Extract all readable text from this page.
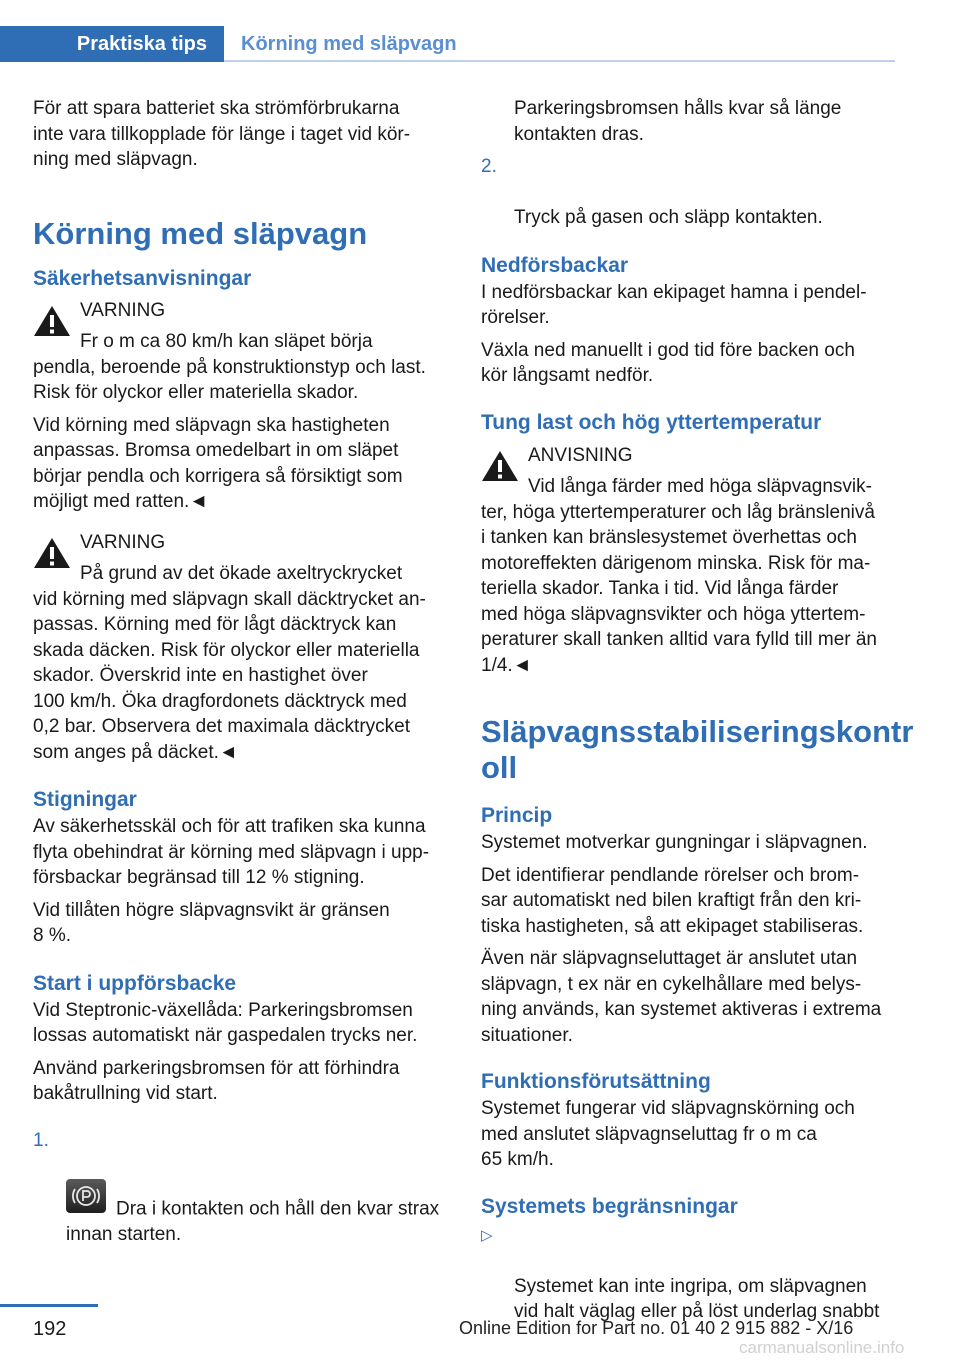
Praktiska tips	Körning med släpvagn

För att spara batteriet ska strömförbrukarna
inte vara tillkopplade för länge i taget vid kör‐
ning med släpvagn.

Körning med släpvagn
Säkerhetsanvisningar
VARNING
Fr o m ca 80 km/h kan släpet börja

pendla, beroende på konstruktionstyp och last.
Risk för olyckor eller materiella skador.

Vid körning med släpvagn ska hastigheten
anpassas. Bromsa omedelbart in om släpet
börjar pendla och korrigera så försiktigt som
möjligt med ratten.◄

VARNING
På grund av det ökade axeltryckrycket

vid körning med släpvagn skall däcktrycket an‐
passas. Körning med för lågt däcktryck kan
skada däcken. Risk för olyckor eller materiella
skador. Överskrid inte en hastighet över
100 km/h. Öka dragfordonets däcktryck med
0,2 bar. Observera det maximala däcktrycket
som anges på däcket.◄

Stigningar

Av säkerhetsskäl och för att trafiken ska kunna
flyta obehindrat är körning med släpvagn i upp‐
försbackar begränsad till 12 % stigning.

Vid tillåten högre släpvagnsvikt är gränsen
8 %.

Start i uppförsbacke

Vid Steptronic-växellåda: Parkeringsbromsen
lossas automatiskt när gaspedalen trycks ner.

Använd parkeringsbromsen för att förhindra
bakåtrullning vid start.

1.

Dra i kontakten och håll den kvar strax

innan starten.

Parkeringsbromsen hålls kvar så länge
kontakten dras.

2.

Tryck på gasen och släpp kontakten.

Nedförsbackar

I nedförsbackar kan ekipaget hamna i pendel‐
rörelser.

Växla ned manuellt i god tid före backen och
kör långsamt nedför.

Tung last och hög yttertemperatur
ANVISNING
Vid långa färder med höga släpvagnsvik‐

ter, höga yttertemperaturer och låg bränslenivå
i tanken kan bränslesystemet överhettas och
motoreffekten därigenom minska. Risk för ma‐
teriella skador. Tanka i tid. Vid långa färder
med höga släpvagnsvikter och höga yttertem‐
peraturer skall tanken alltid vara fylld till mer än
1/4.◄

Släpvagnsstabiliseringskontr
oll
Princip

Systemet motverkar gungningar i släpvagnen.

Det identifierar pendlande rörelser och brom‐
sar automatiskt ned bilen kraftigt från den kri‐
tiska hastigheten, så att ekipaget stabiliseras.

Även när släpvagnseluttaget är anslutet utan
släpvagn, t ex när en cykelhållare med belys‐
ning används, kan systemet aktiveras i extrema
situationer.

Funktionsförutsättning

Systemet fungerar vid släpvagnskörning och
med anslutet släpvagnseluttag fr o m ca
65 km/h.

Systemets begränsningar

▷

Systemet kan inte ingripa, om släpvagnen
vid halt väglag eller på löst underlag snabbt

192	Online Edition for Part no. 01 40 2 915 882 - X/16
carmanualsonline.info
